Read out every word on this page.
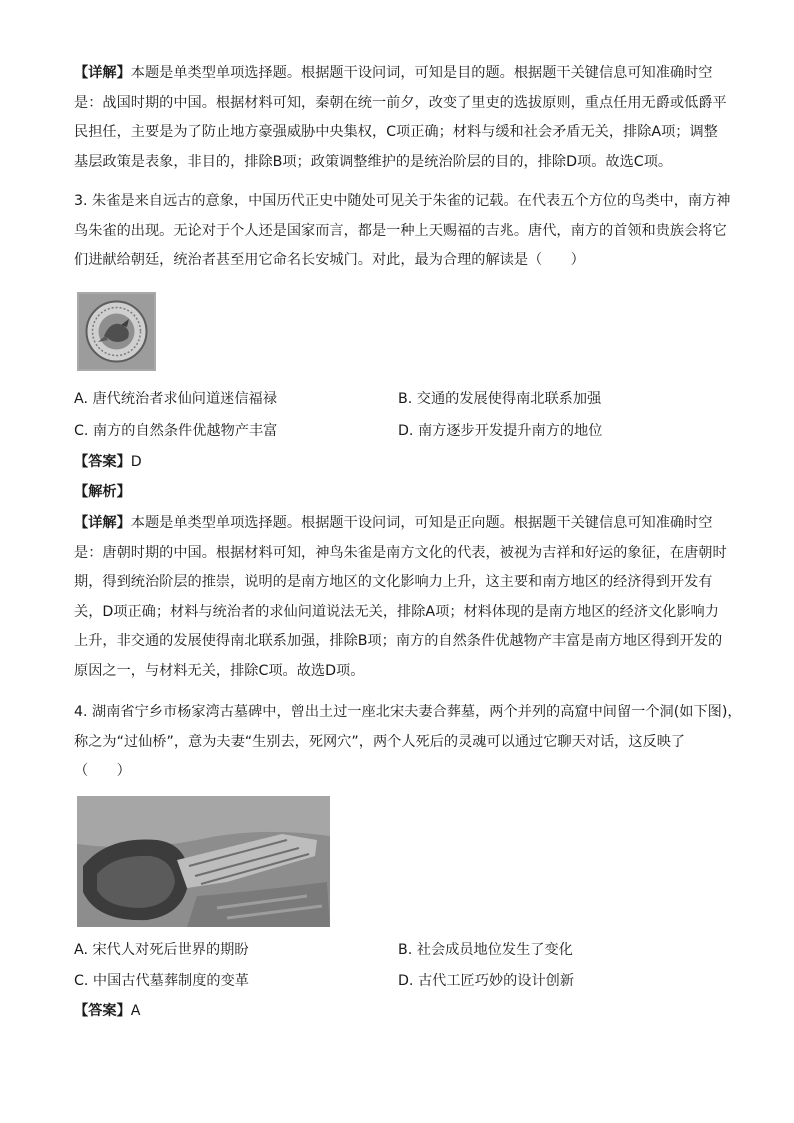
【详解】本题是单类型单项选择题。根据题干设问词，可知是目的题。根据题干关键信息可知准确时空
是：战国时期的中国。根据材料可知，秦朝在统一前夕，改变了里吏的选拔原则，重点任用无爵或低爵平
民担任，主要是为了防止地方豪强威胁中央集权，C项正确；材料与缓和社会矛盾无关，排除A项；调整
基层政策是表象，非目的，排除B项；政策调整维护的是统治阶层的目的，排除D项。故选C项。

3. 朱雀是来自远古的意象，中国历代正史中随处可见关于朱雀的记载。在代表五个方位的鸟类中，南方神
鸟朱雀的出现。无论对于个人还是国家而言，都是一种上天赐福的吉兆。唐代，南方的首领和贵族会将它
们进献给朝廷，统治者甚至用它命名长安城门。对此，最为合理的解读是（　　）

A. 唐代统治者求仙问道迷信福禄	B. 交通的发展使得南北联系加强
C. 南方的自然条件优越物产丰富	D. 南方逐步开发提升南方的地位
【答案】D
【解析】

【详解】本题是单类型单项选择题。根据题干设问词，可知是正向题。根据题干关键信息可知准确时空
是：唐朝时期的中国。根据材料可知，神鸟朱雀是南方文化的代表，被视为吉祥和好运的象征，在唐朝时
期，得到统治阶层的推崇，说明的是南方地区的文化影响力上升，这主要和南方地区的经济得到开发有
关，D项正确；材料与统治者的求仙问道说法无关，排除A项；材料体现的是南方地区的经济文化影响力
上升，非交通的发展使得南北联系加强，排除B项；南方的自然条件优越物产丰富是南方地区得到开发的
原因之一，与材料无关，排除C项。故选D项。

4. 湖南省宁乡市杨家湾古墓碑中，曾出土过一座北宋夫妻合葬墓，两个并列的高窟中间留一个洞(如下图)，
称之为“过仙桥”，意为夫妻“生别去，死网穴”，两个人死后的灵魂可以通过它聊天对话，这反映了
（　　）

A. 宋代人对死后世界的期盼	B. 社会成员地位发生了变化
C. 中国古代墓葬制度的变革	D. 古代工匠巧妙的设计创新
【答案】A
